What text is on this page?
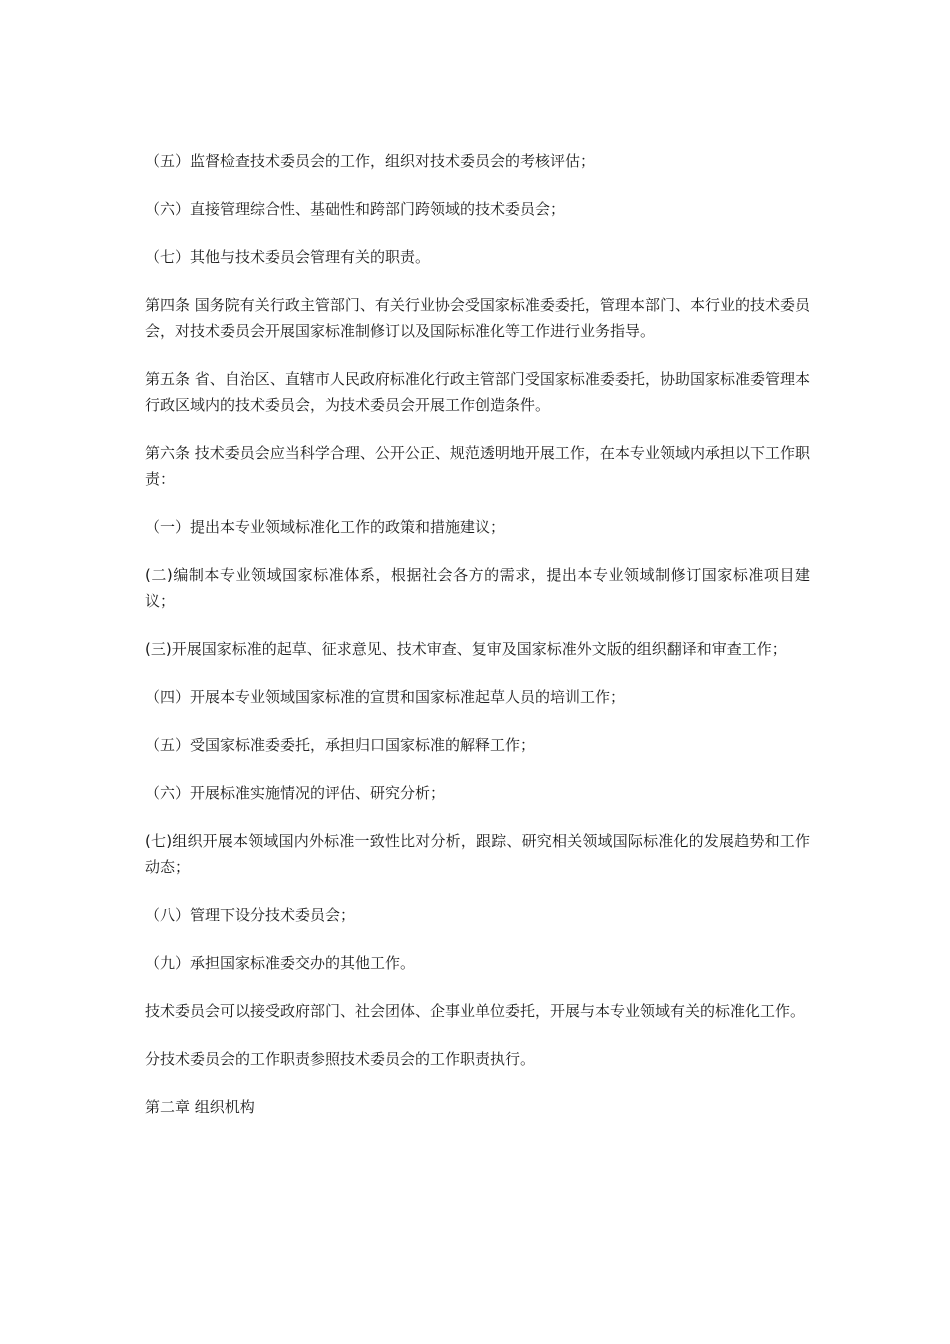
（五）监督检查技术委员会的工作，组织对技术委员会的考核评估；

（六）直接管理综合性、基础性和跨部门跨领域的技术委员会；

（七）其他与技术委员会管理有关的职责。

第四条 国务院有关行政主管部门、有关行业协会受国家标准委委托，管理本部门、本行业的技术委员会，对技术委员会开展国家标准制修订以及国际标准化等工作进行业务指导。

第五条 省、自治区、直辖市人民政府标准化行政主管部门受国家标准委委托，协助国家标准委管理本行政区域内的技术委员会，为技术委员会开展工作创造条件。

第六条 技术委员会应当科学合理、公开公正、规范透明地开展工作，在本专业领域内承担以下工作职责：

（一）提出本专业领域标准化工作的政策和措施建议；

(二)编制本专业领域国家标准体系，根据社会各方的需求，提出本专业领域制修订国家标准项目建议；

(三)开展国家标准的起草、征求意见、技术审查、复审及国家标准外文版的组织翻译和审查工作；

（四）开展本专业领域国家标准的宣贯和国家标准起草人员的培训工作；

（五）受国家标准委委托，承担归口国家标准的解释工作；

（六）开展标准实施情况的评估、研究分析；

(七)组织开展本领域国内外标准一致性比对分析，跟踪、研究相关领域国际标准化的发展趋势和工作动态；

（八）管理下设分技术委员会；

（九）承担国家标准委交办的其他工作。

技术委员会可以接受政府部门、社会团体、企事业单位委托，开展与本专业领域有关的标准化工作。

分技术委员会的工作职责参照技术委员会的工作职责执行。

第二章 组织机构
